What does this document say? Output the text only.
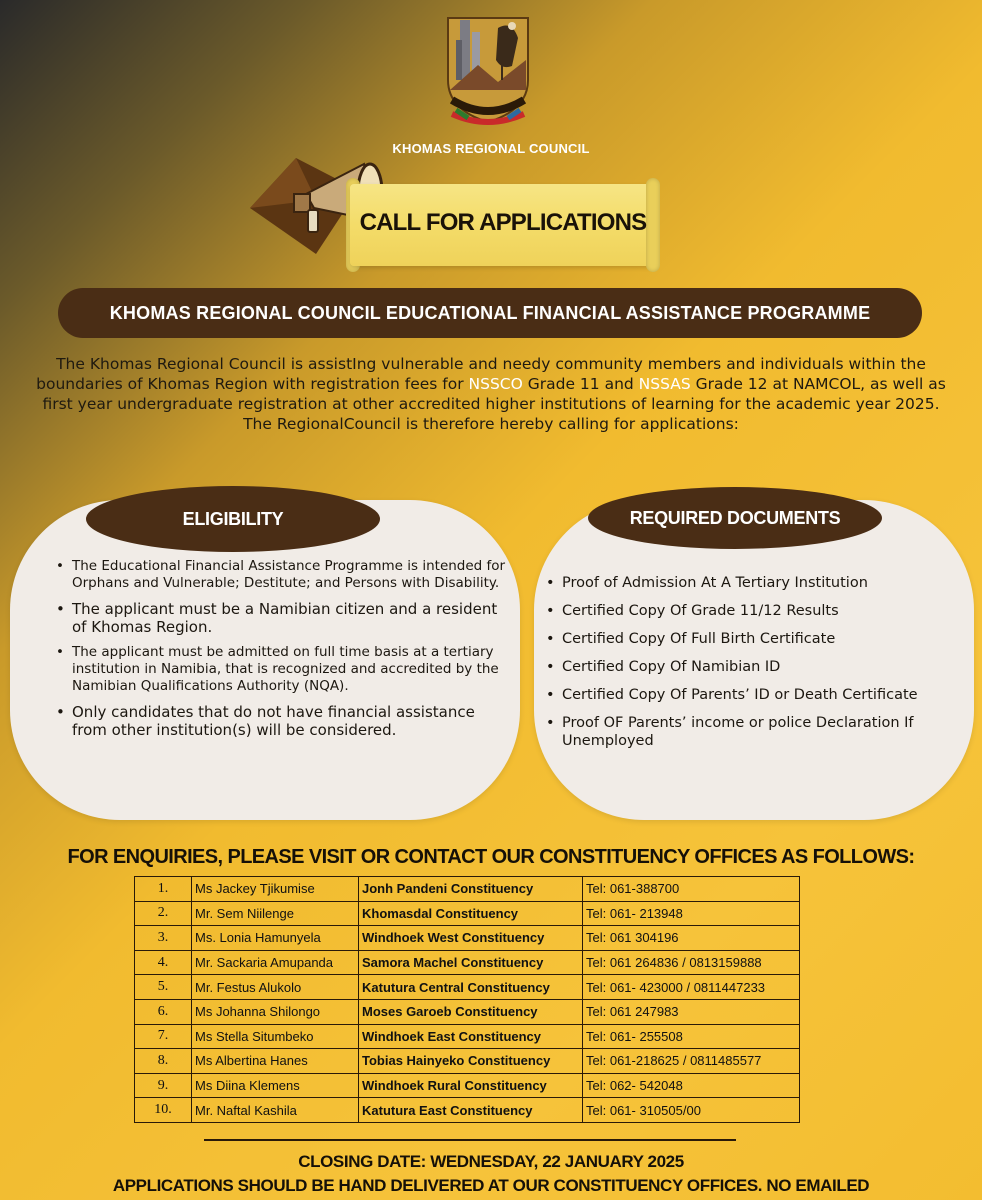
KHOMAS REGIONAL COUNCIL
CALL FOR APPLICATIONS
KHOMAS REGIONAL COUNCIL EDUCATIONAL FINANCIAL ASSISTANCE PROGRAMME
The Khomas Regional Council is assistIng vulnerable and needy community members and individuals within the boundaries of Khomas Region with registration fees for NSSCO Grade 11 and NSSAS Grade 12 at NAMCOL, as well as first year undergraduate registration at other accredited higher institutions of learning for the academic year 2025.
The RegionalCouncil is therefore hereby calling for applications:
ELIGIBILITY
• The Educational Financial Assistance Programme is intended for Orphans and Vulnerable; Destitute; and Persons with Disability.
• The applicant must be a Namibian citizen and a resident of Khomas Region.
• The applicant must be admitted on full time basis at a tertiary institution in Namibia, that is recognized and accredited by the Namibian Qualifications Authority (NQA).
• Only candidates that do not have financial assistance from other institution(s) will be considered.
REQUIRED DOCUMENTS
• Proof of Admission At A Tertiary Institution
• Certified Copy Of Grade 11/12 Results
• Certified Copy Of Full Birth Certificate
• Certified Copy Of Namibian ID
• Certified Copy Of Parents’ ID or Death Certificate
• Proof OF Parents’ income or police Declaration If Unemployed
FOR ENQUIRIES, PLEASE VISIT OR CONTACT OUR CONSTITUENCY OFFICES AS FOLLOWS:
1.	Ms Jackey Tjikumise	Jonh Pandeni Constituency	Tel: 061-388700
2.	Mr. Sem Niilenge	Khomasdal Constituency	Tel: 061- 213948
3.	Ms. Lonia Hamunyela	Windhoek West Constituency	Tel: 061 304196
4.	Mr. Sackaria Amupanda	Samora Machel Constituency	Tel: 061 264836 / 0813159888
5.	Mr. Festus Alukolo	Katutura Central Constituency	Tel: 061- 423000 / 0811447233
6.	Ms Johanna Shilongo	Moses Garoeb Constituency	Tel: 061 247983
7.	Ms Stella Situmbeko	Windhoek East Constituency	Tel: 061- 255508
8.	Ms Albertina Hanes	Tobias Hainyeko Constituency	Tel: 061-218625 / 0811485577
9.	Ms Diina Klemens	Windhoek Rural Constituency	Tel: 062- 542048
10.	Mr. Naftal Kashila	Katutura East Constituency	Tel: 061- 310505/00
CLOSING DATE: WEDNESDAY, 22 JANUARY 2025
APPLICATIONS SHOULD BE HAND DELIVERED AT OUR CONSTITUENCY OFFICES. NO EMAILED
